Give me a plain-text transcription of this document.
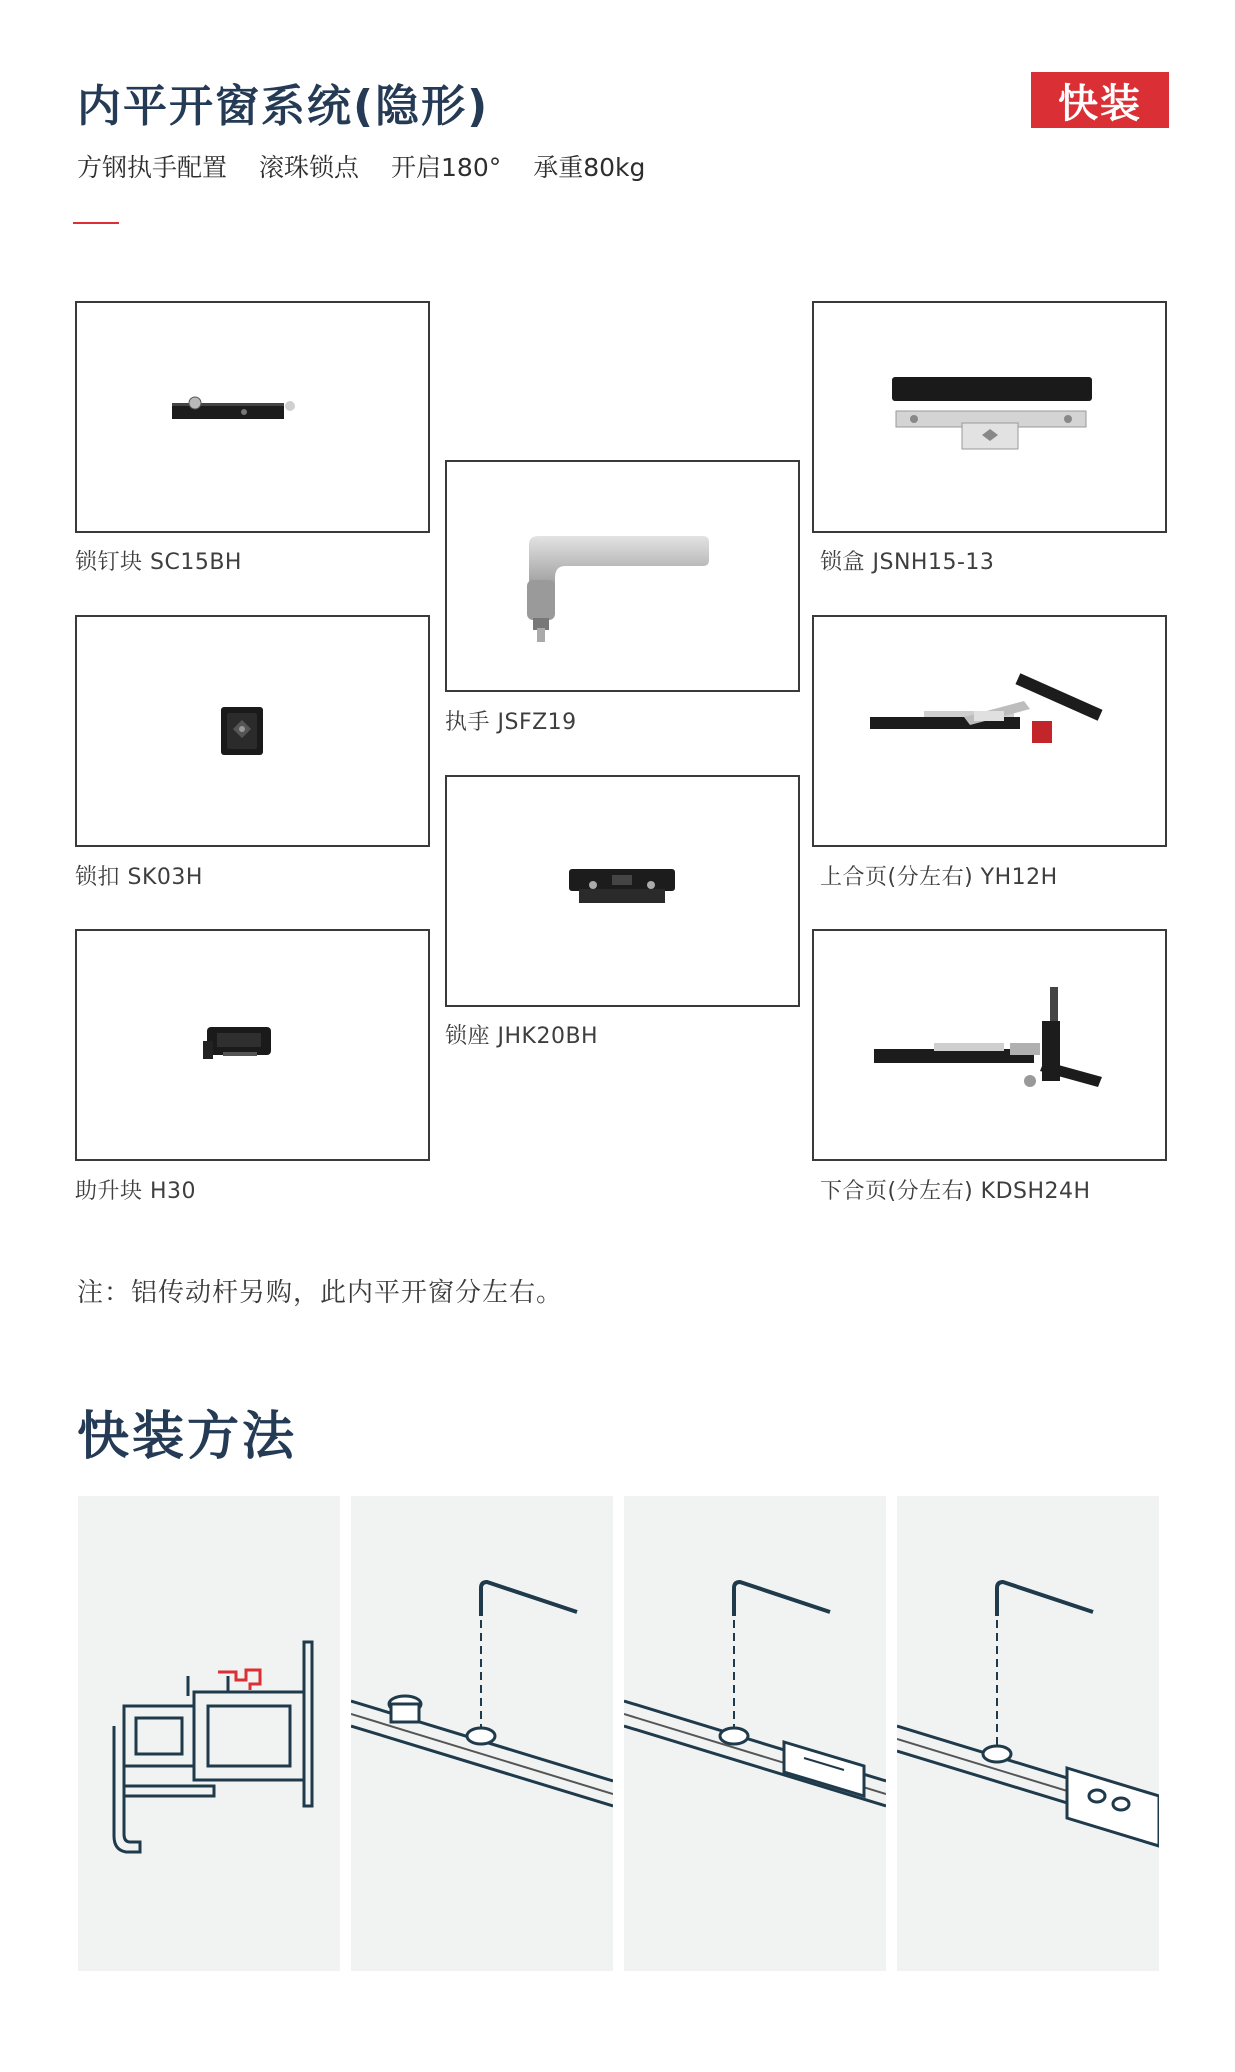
内平开窗系统(隐形)	快装
方钢执手配置 滚珠锁点 开启180° 承重80kg
锁钉块 SC15BH
锁扣 SK03H
助升块 H30
执手 JSFZ19
锁座 JHK20BH
锁盒 JSNH15-13
上合页(分左右) YH12H
下合页(分左右) KDSH24H
注：铝传动杆另购，此内平开窗分左右。
快装方法
